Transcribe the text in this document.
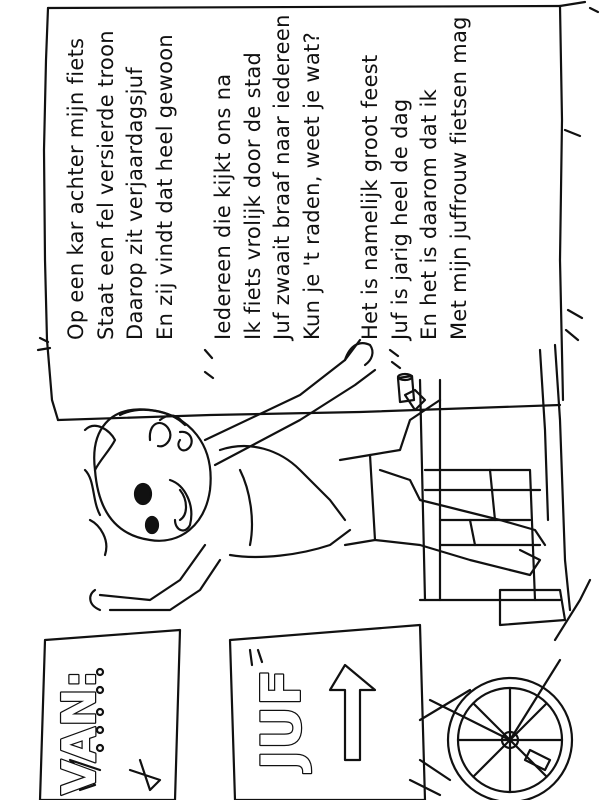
VAN:	JUF
Op een kar achter mijn fiets Staat een fel versierde troon Daarop zit verjaardagsjuf En zij vindt dat heel gewoon Iedereen die kijkt ons na Ik fiets vrolijk door de stad Juf zwaait braaf naar iedereen Kun je 't raden, weet je wat? Het is namelijk groot feest Juf is jarig heel de dag En het is daarom dat ik Met mijn juffrouw fietsen mag
